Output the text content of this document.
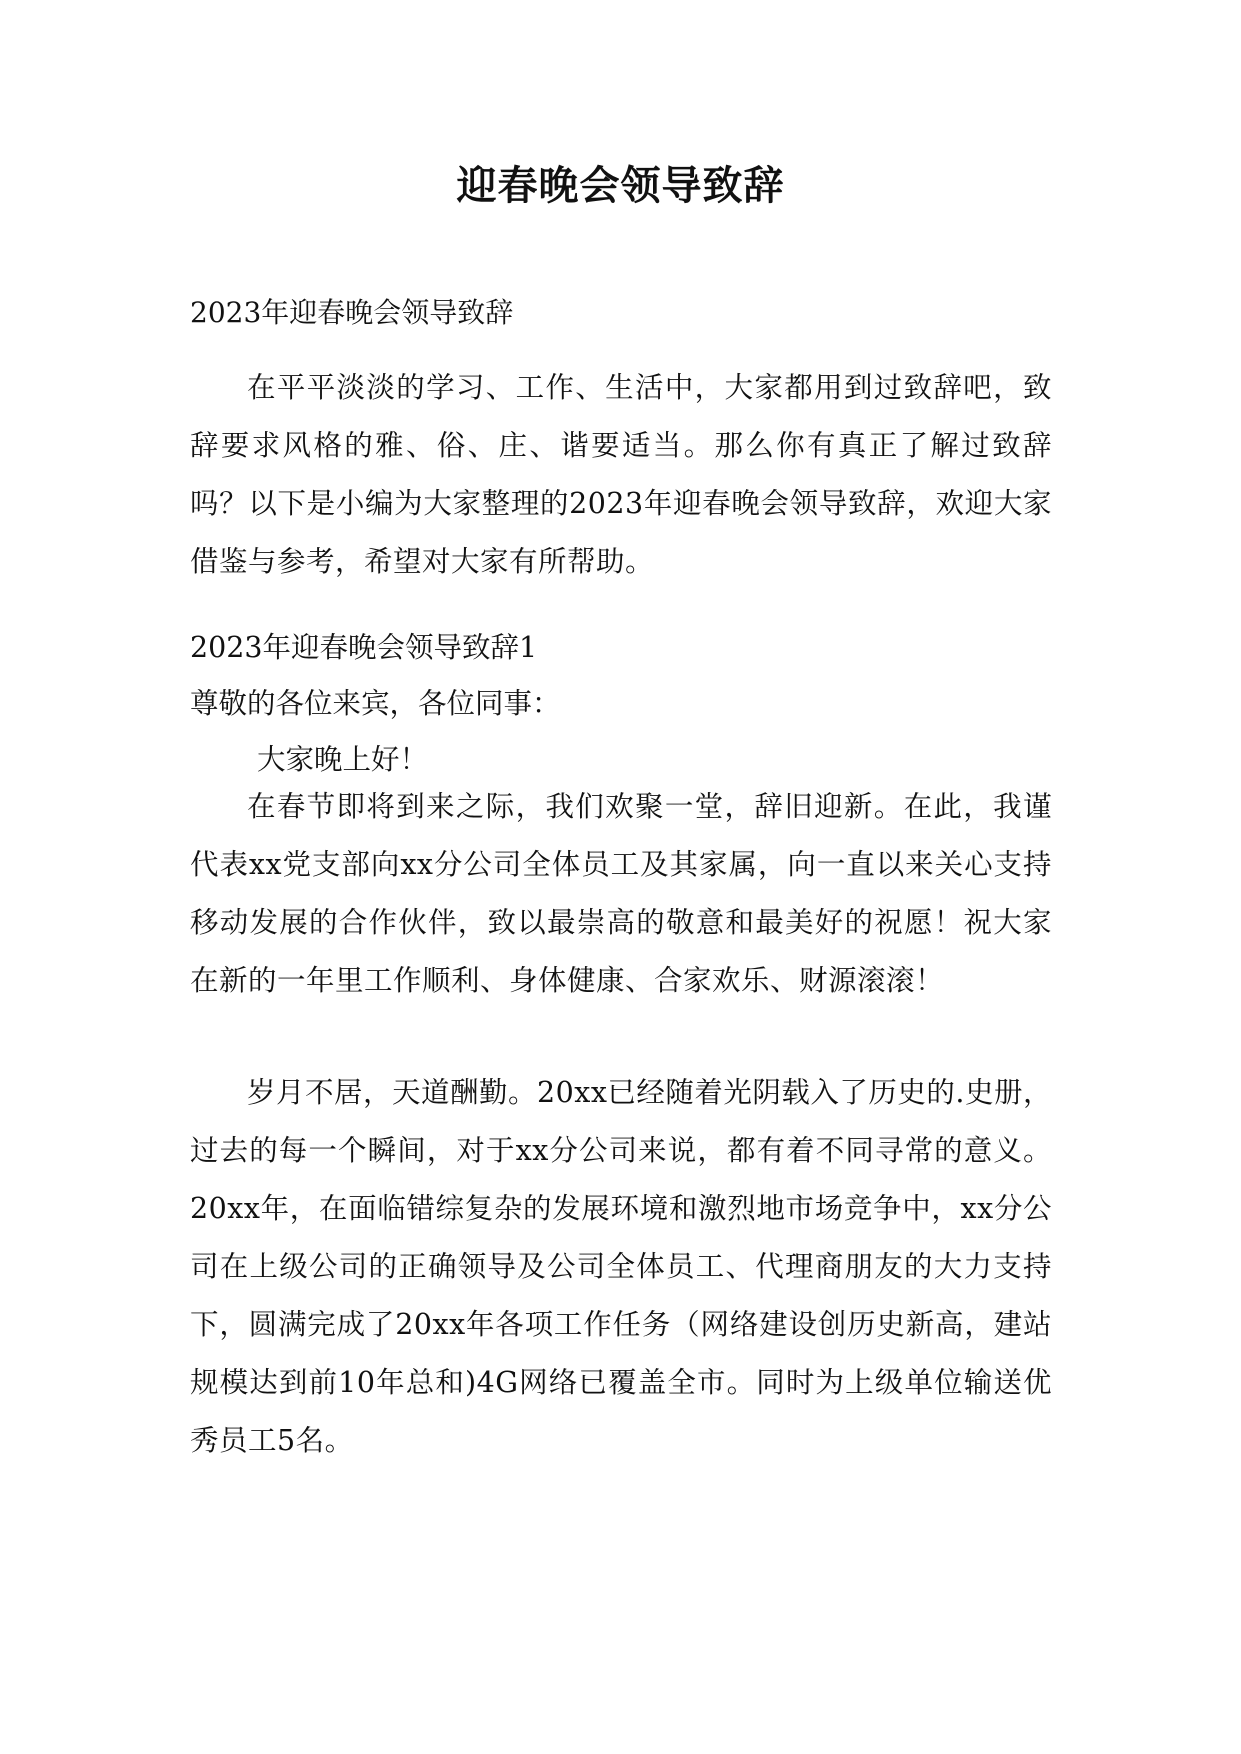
迎春晚会领导致辞

2023年迎春晚会领导致辞

在平平淡淡的学习、工作、生活中，大家都用到过致辞吧，致辞要求风格的雅、俗、庄、谐要适当。那么你有真正了解过致辞吗？以下是小编为大家整理的2023年迎春晚会领导致辞，欢迎大家借鉴与参考，希望对大家有所帮助。

2023年迎春晚会领导致辞1

尊敬的各位来宾，各位同事：

大家晚上好！

在春节即将到来之际，我们欢聚一堂，辞旧迎新。在此，我谨代表xx党支部向xx分公司全体员工及其家属，向一直以来关心支持移动发展的合作伙伴，致以最崇高的敬意和最美好的祝愿！祝大家在新的一年里工作顺利、身体健康、合家欢乐、财源滚滚！

岁月不居，天道酬勤。20xx已经随着光阴载入了历史的.史册，过去的每一个瞬间，对于xx分公司来说，都有着不同寻常的意义。20xx年，在面临错综复杂的发展环境和激烈地市场竞争中，xx分公司在上级公司的正确领导及公司全体员工、代理商朋友的大力支持下，圆满完成了20xx年各项工作任务（网络建设创历史新高，建站规模达到前10年总和)4G网络已覆盖全市。同时为上级单位输送优秀员工5名。
